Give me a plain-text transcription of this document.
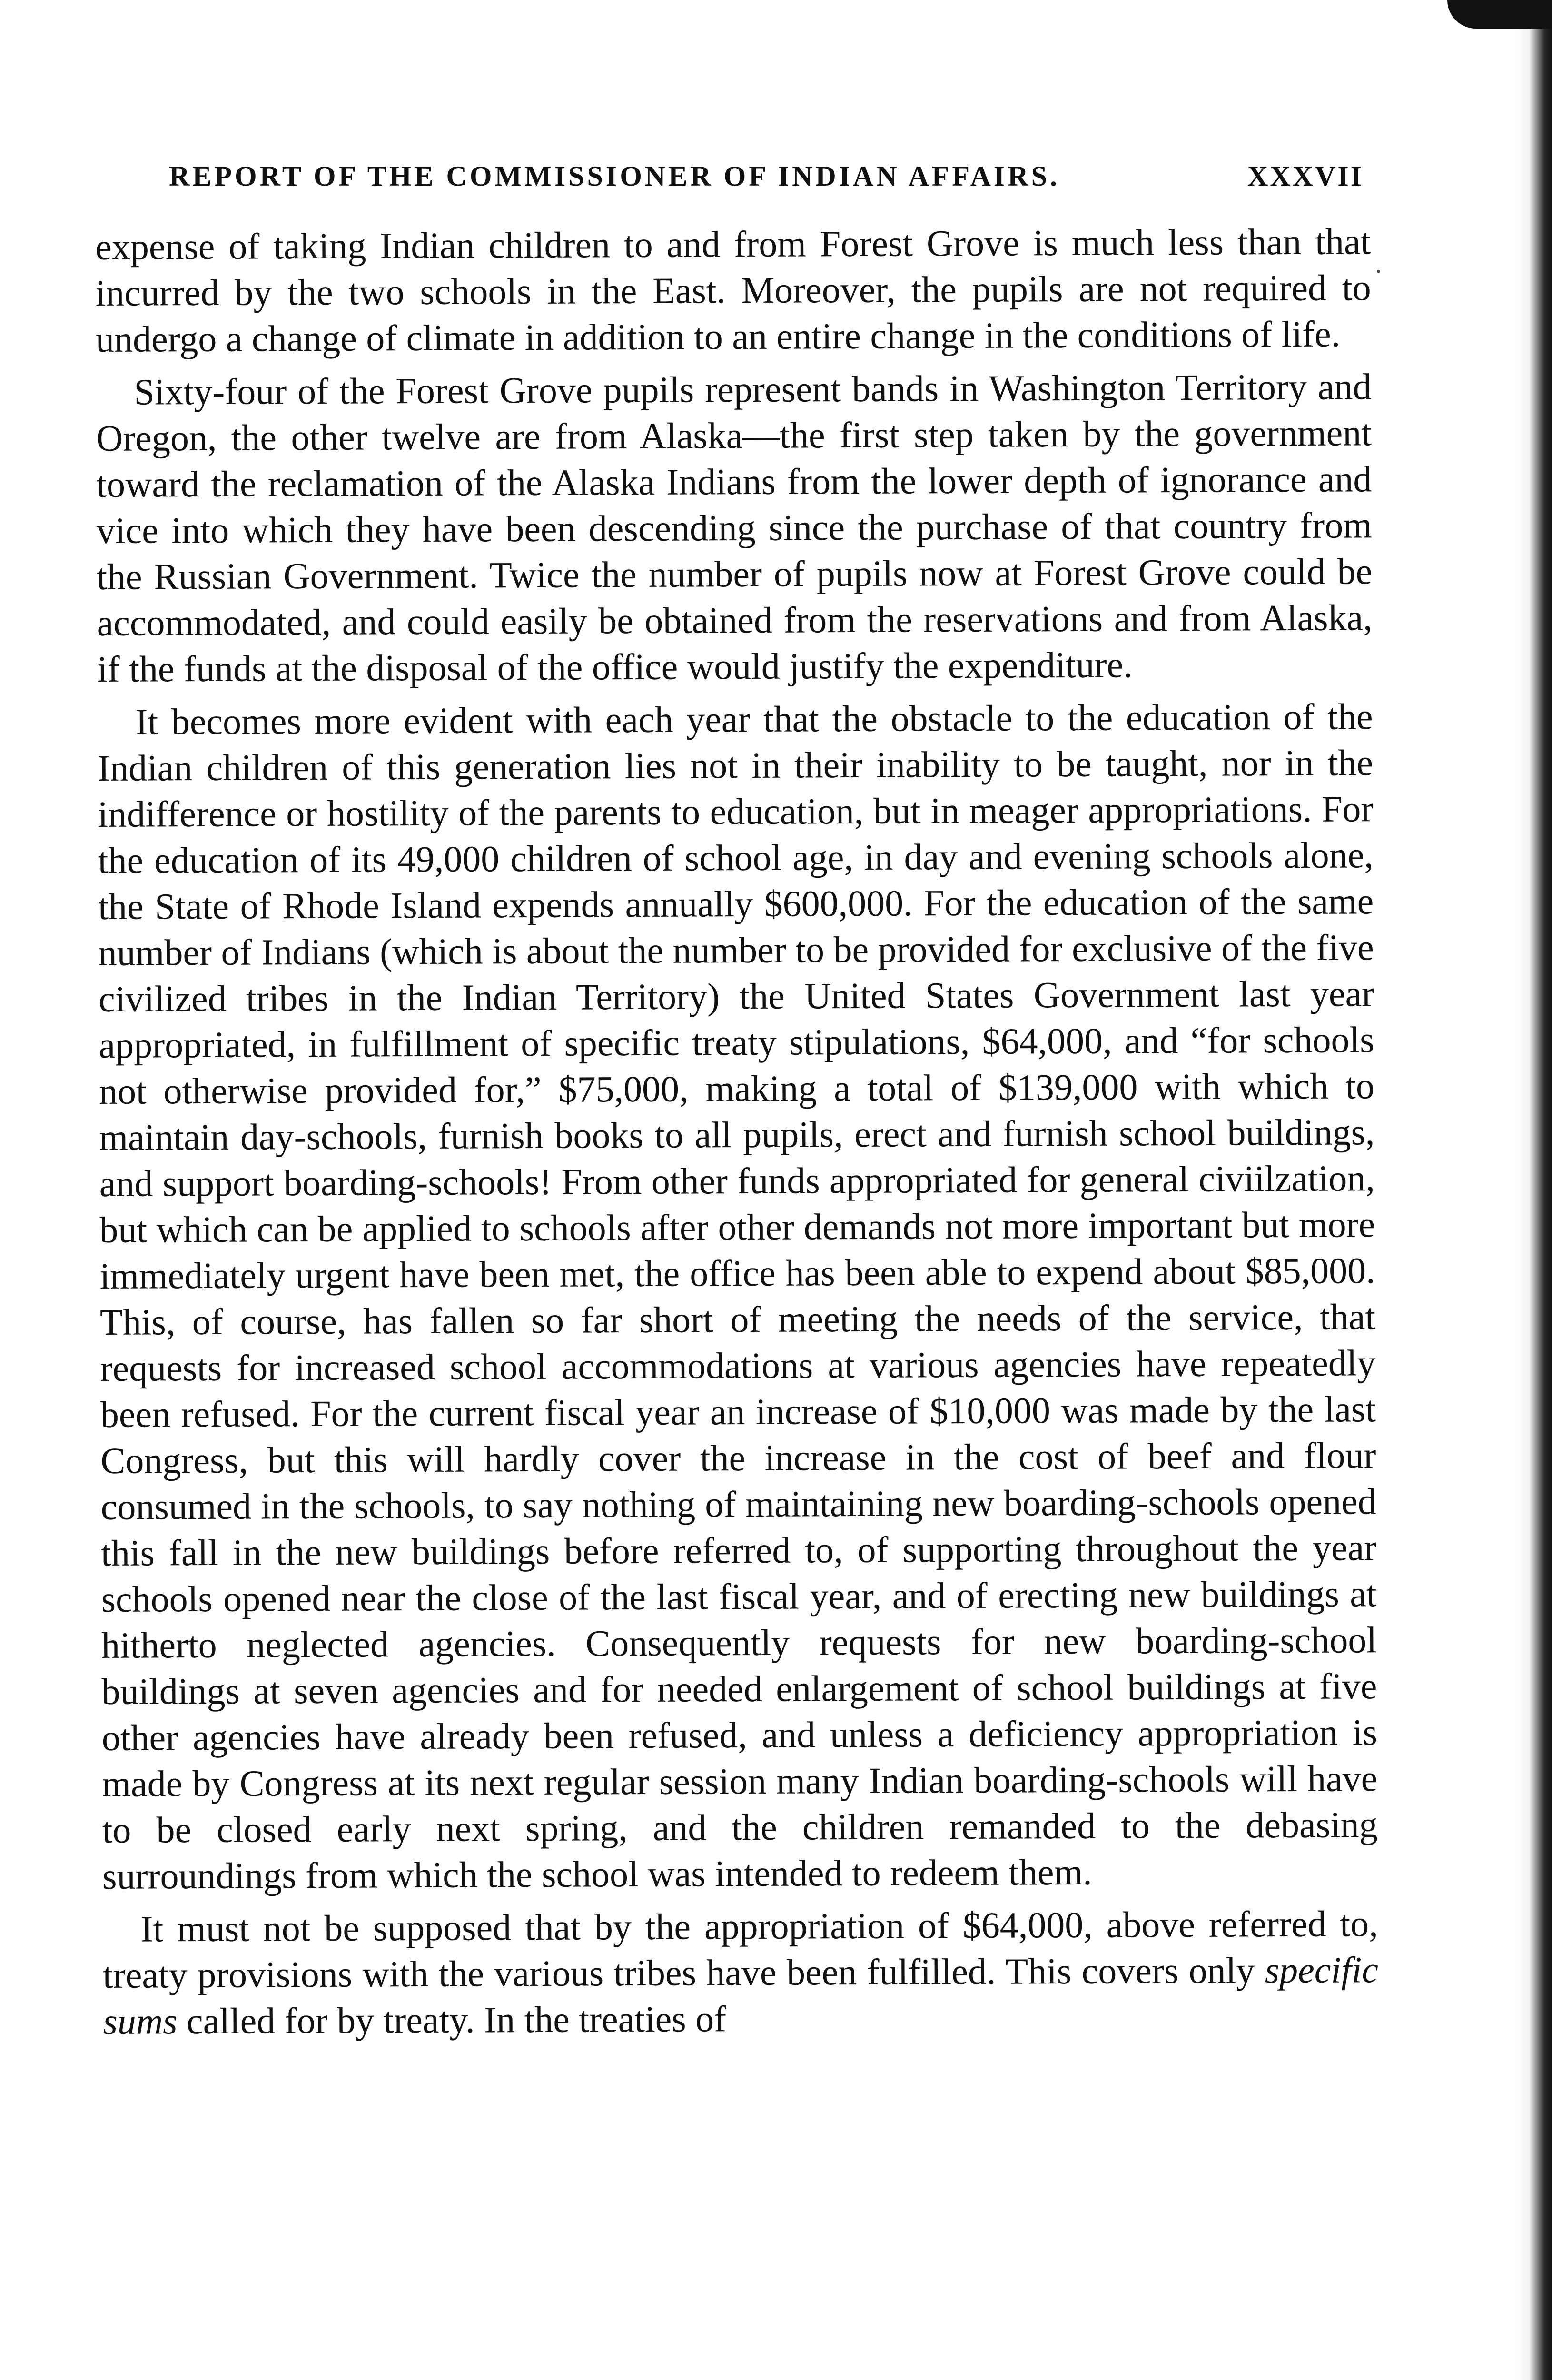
REPORT OF THE COMMISSIONER OF INDIAN AFFAIRS.	XXXVII

expense of taking Indian children to and from Forest Grove is much less than that incurred by the two schools in the East. Moreover, the pupils are not required to undergo a change of climate in addition to an entire change in the conditions of life.

Sixty-four of the Forest Grove pupils represent bands in Washington Territory and Oregon, the other twelve are from Alaska—the first step taken by the government toward the reclamation of the Alaska Indians from the lower depth of ignorance and vice into which they have been descending since the purchase of that country from the Russian Government. Twice the number of pupils now at Forest Grove could be accommodated, and could easily be obtained from the reservations and from Alaska, if the funds at the disposal of the office would justify the expenditure.

It becomes more evident with each year that the obstacle to the education of the Indian children of this generation lies not in their inability to be taught, nor in the indifference or hostility of the parents to education, but in meager appropriations. For the education of its 49,000 children of school age, in day and evening schools alone, the State of Rhode Island expends annually $600,000. For the education of the same number of Indians (which is about the number to be provided for exclusive of the five civilized tribes in the Indian Territory) the United States Government last year appropriated, in fulfillment of specific treaty stipulations, $64,000, and “for schools not otherwise provided for,” $75,000, making a total of $139,000 with which to maintain day-schools, furnish books to all pupils, erect and furnish school buildings, and support boarding-schools! From other funds appropriated for general civiilzation, but which can be applied to schools after other demands not more important but more immediately urgent have been met, the office has been able to expend about $85,000. This, of course, has fallen so far short of meeting the needs of the service, that requests for increased school accommodations at various agencies have repeatedly been refused. For the current fiscal year an increase of $10,000 was made by the last Congress, but this will hardly cover the increase in the cost of beef and flour consumed in the schools, to say nothing of maintaining new boarding-schools opened this fall in the new buildings before referred to, of supporting throughout the year schools opened near the close of the last fiscal year, and of erecting new buildings at hitherto neglected agencies. Consequently requests for new boarding-school buildings at seven agencies and for needed enlargement of school buildings at five other agencies have already been refused, and unless a deficiency appropriation is made by Congress at its next regular session many Indian boarding-schools will have to be closed early next spring, and the children remanded to the debasing surroundings from which the school was intended to redeem them.

It must not be supposed that by the appropriation of $64,000, above referred to, treaty provisions with the various tribes have been fulfilled. This covers only specific sums called for by treaty. In the treaties of

⸳
